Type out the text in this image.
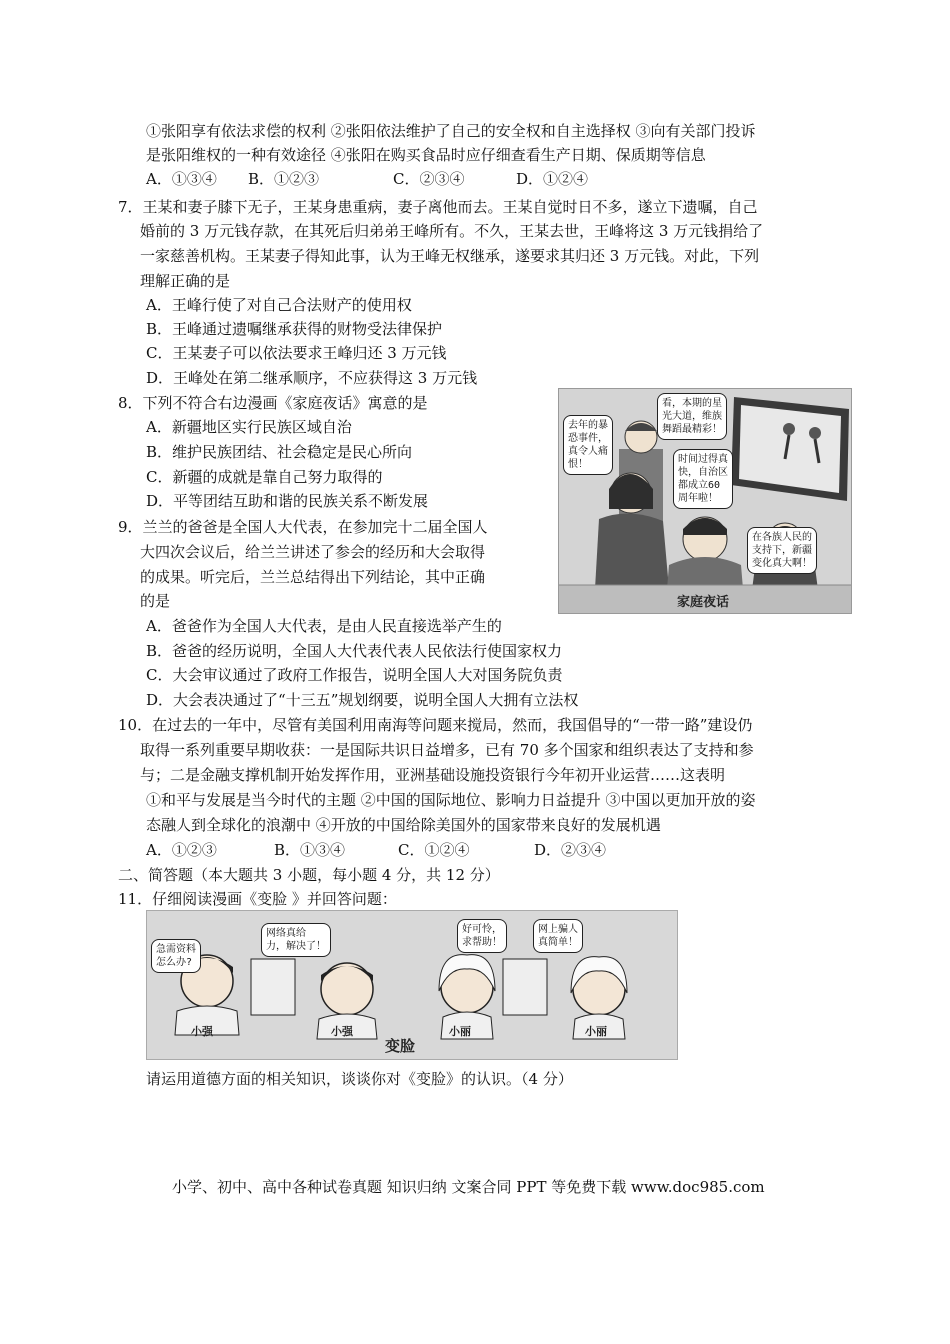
①张阳享有依法求偿的权利 ②张阳依法维护了自己的安全权和自主选择权 ③向有关部门投诉
是张阳维权的一种有效途径 ④张阳在购买食品时应仔细查看生产日期、保质期等信息
A．①③④ B．①②③	C．②③④	D．①②④
7．王某和妻子膝下无子，王某身患重病，妻子离他而去。王某自觉时日不多，遂立下遗嘱，自己
婚前的 3 万元钱存款，在其死后归弟弟王峰所有。不久，王某去世，王峰将这 3 万元钱捐给了
一家慈善机构。王某妻子得知此事，认为王峰无权继承，遂要求其归还 3 万元钱。对此，下列
理解正确的是
A．王峰行使了对自己合法财产的使用权
B．王峰通过遗嘱继承获得的财物受法律保护
C．王某妻子可以依法要求王峰归还 3 万元钱
D．王峰处在第二继承顺序，不应获得这 3 万元钱
8．下列不符合右边漫画《家庭夜话》寓意的是
A．新疆地区实行民族区域自治
B．维护民族团结、社会稳定是民心所向
C．新疆的成就是靠自己努力取得的
D．平等团结互助和谐的民族关系不断发展
去年的暴
恐事件，
真令人痛
恨！
看，本期的星
光大道，维族
舞蹈最精彩！
时间过得真
快，自治区
都成立60
周年啦！
在各族人民的
支持下，新疆
变化真大啊！
家庭夜话
9．兰兰的爸爸是全国人大代表，在参加完十二届全国人
大四次会议后，给兰兰讲述了参会的经历和大会取得
的成果。听完后，兰兰总结得出下列结论，其中正确
的是
A．爸爸作为全国人大代表，是由人民直接选举产生的
B．爸爸的经历说明，全国人大代表代表人民依法行使国家权力
C．大会审议通过了政府工作报告，说明全国人大对国务院负责
D．大会表决通过了“十三五”规划纲要，说明全国人大拥有立法权
10．在过去的一年中，尽管有美国利用南海等问题来搅局，然而，我国倡导的“一带一路”建设仍
取得一系列重要早期收获：一是国际共识日益增多，已有 70 多个国家和组织表达了支持和参
与；二是金融支撑机制开始发挥作用，亚洲基础设施投资银行今年初开业运营……这表明
①和平与发展是当今时代的主题 ②中国的国际地位、影响力日益提升 ③中国以更加开放的姿
态融人到全球化的浪潮中 ④开放的中国给除美国外的国家带来良好的发展机遇
A．①②③	B．①③④	C．①②④	D．②③④
二、简答题（本大题共 3 小题，每小题 4 分，共 12 分）
11．仔细阅读漫画《变脸 》并回答问题：
急需资料
怎么办?
网络真给
力，解决了！
好可怜，
求帮助！
网上骗人
真简单！
小强	小强	小丽	小丽
变脸
请运用道德方面的相关知识，谈谈你对《变脸》的认识。（4 分）
小学、初中、高中各种试卷真题 知识归纳 文案合同 PPT 等免费下载 www.doc985.com
